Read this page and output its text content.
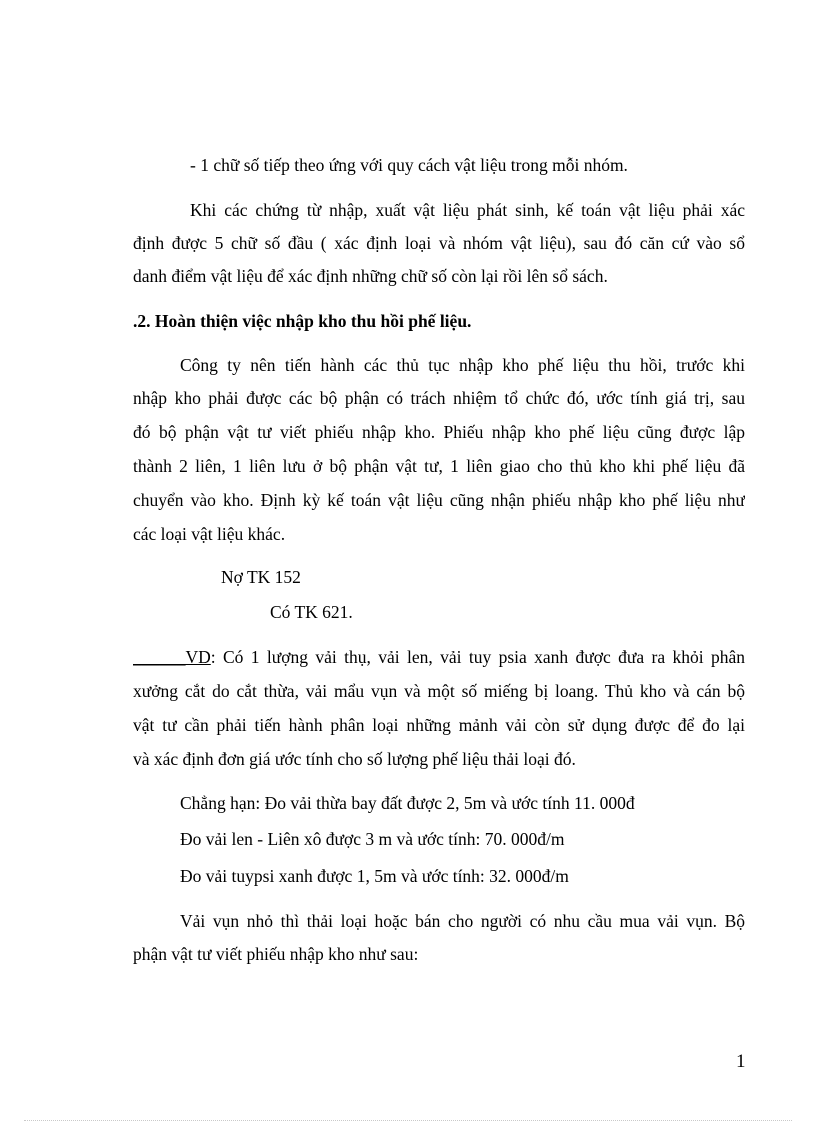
- 1 chữ số tiếp theo ứng với quy cách vật liệu trong mỗi nhóm.
Khi các chứng từ nhập, xuất vật liệu phát sinh, kế toán vật liệu phải xác
định được 5 chữ số đầu ( xác định loại và nhóm vật liệu), sau đó căn cứ vào sổ
danh điểm vật liệu để xác định những chữ số còn lại rồi lên sổ sách.
.2. Hoàn thiện việc nhập kho thu hồi phế liệu.
Công ty nên tiến hành các thủ tục nhập kho phế liệu thu hồi, trước khi
nhập kho phải được các bộ phận có trách nhiệm tổ chức đó, ước tính giá trị, sau
đó bộ phận vật tư viết phiếu nhập kho. Phiếu nhập kho phế liệu cũng được lập
thành 2 liên, 1 liên lưu ở bộ phận vật tư, 1 liên giao cho thủ kho khi phế liệu đã
chuyển vào kho. Định kỳ kế toán vật liệu cũng nhận phiếu nhập kho phế liệu như
các loại vật liệu khác.
Nợ TK 152
Có TK 621.
______VD: Có 1 lượng vải thụ, vải len, vải tuy psia xanh được đưa ra khỏi phân
xưởng cắt do cắt thừa, vải mẩu vụn và một số miếng bị loang. Thủ kho và cán bộ
vật tư cần phải tiến hành phân loại những mảnh vải còn sử dụng được để đo lại
và xác định đơn giá ước tính cho số lượng phế liệu thải loại đó.
Chẳng hạn: Đo vải thừa bay đất được 2, 5m và ước tính 11. 000đ
Đo vải len - Liên xô được 3 m và ước tính: 70. 000đ/m
Đo vải tuypsi xanh được 1, 5m và ước tính: 32. 000đ/m
Vải vụn nhỏ thì thải loại hoặc bán cho người có nhu cầu mua vải vụn. Bộ
phận vật tư viết phiếu nhập kho như sau:
1
